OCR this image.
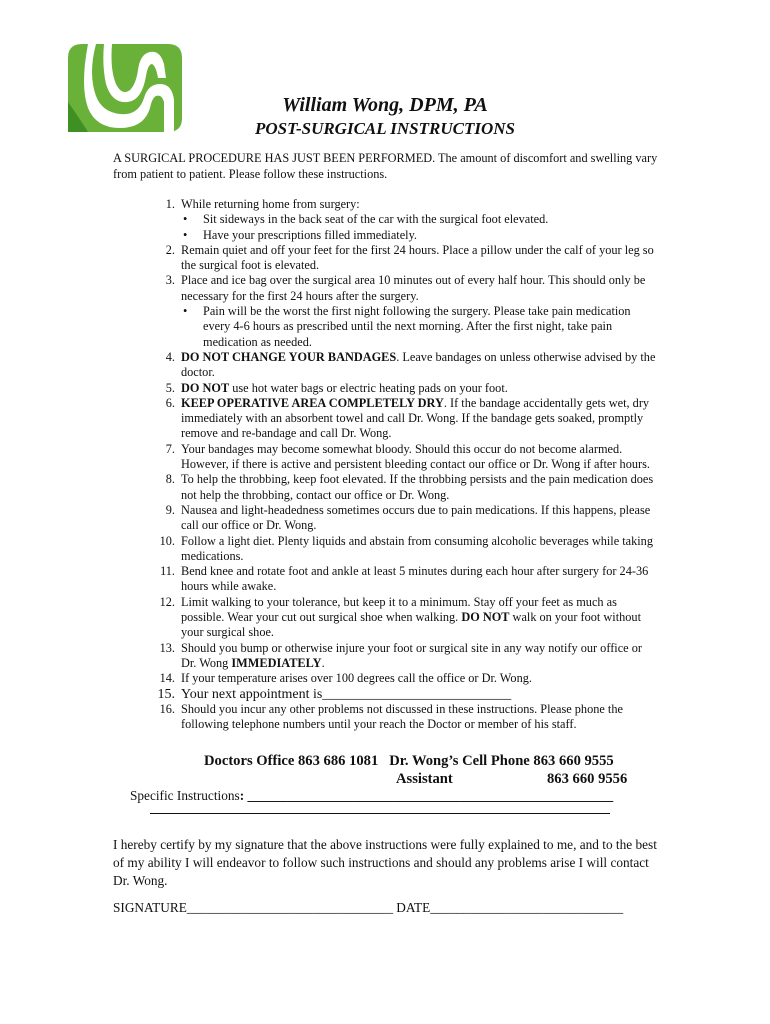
William Wong, DPM, PA
POST-SURGICAL INSTRUCTIONS
A SURGICAL PROCEDURE HAS JUST BEEN PERFORMED. The amount of discomfort and swelling vary from patient to patient. Please follow these instructions.
1. While returning home from surgery:
• Sit sideways in the back seat of the car with the surgical foot elevated.
• Have your prescriptions filled immediately.
2. Remain quiet and off your feet for the first 24 hours. Place a pillow under the calf of your leg so the surgical foot is elevated.
3. Place and ice bag over the surgical area 10 minutes out of every half hour. This should only be necessary for the first 24 hours after the surgery.
• Pain will be the worst the first night following the surgery. Please take pain medication every 4-6 hours as prescribed until the next morning. After the first night, take pain medication as needed.
4. DO NOT CHANGE YOUR BANDAGES. Leave bandages on unless otherwise advised by the doctor.
5. DO NOT use hot water bags or electric heating pads on your foot.
6. KEEP OPERATIVE AREA COMPLETELY DRY. If the bandage accidentally gets wet, dry immediately with an absorbent towel and call Dr. Wong. If the bandage gets soaked, promptly remove and re-bandage and call Dr. Wong.
7. Your bandages may become somewhat bloody. Should this occur do not become alarmed. However, if there is active and persistent bleeding contact our office or Dr. Wong if after hours.
8. To help the throbbing, keep foot elevated. If the throbbing persists and the pain medication does not help the throbbing, contact our office or Dr. Wong.
9. Nausea and light-headedness sometimes occurs due to pain medications. If this happens, please call our office or Dr. Wong.
10. Follow a light diet. Plenty liquids and abstain from consuming alcoholic beverages while taking medications.
11. Bend knee and rotate foot and ankle at least 5 minutes during each hour after surgery for 24-36 hours while awake.
12. Limit walking to your tolerance, but keep it to a minimum. Stay off your feet as much as possible. Wear your cut out surgical shoe when walking. DO NOT walk on your foot without your surgical shoe.
13. Should you bump or otherwise injure your foot or surgical site in any way notify our office or Dr. Wong IMMEDIATELY.
14. If your temperature arises over 100 degrees call the office or Dr. Wong.
15. Your next appointment is___________________________
16. Should you incur any other problems not discussed in these instructions. Please phone the following telephone numbers until your reach the Doctor or member of his staff.
Doctors Office 863 686 1081 Dr. Wong’s Cell Phone 863 660 9555
Assistant	863 660 9556
Specific Instructions: _______________________________________________________
I hereby certify by my signature that the above instructions were fully explained to me, and to the best of my ability I will endeavor to follow such instructions and should any problems arise I will contact Dr. Wong.
SIGNATURE_______________________________ DATE_____________________________
